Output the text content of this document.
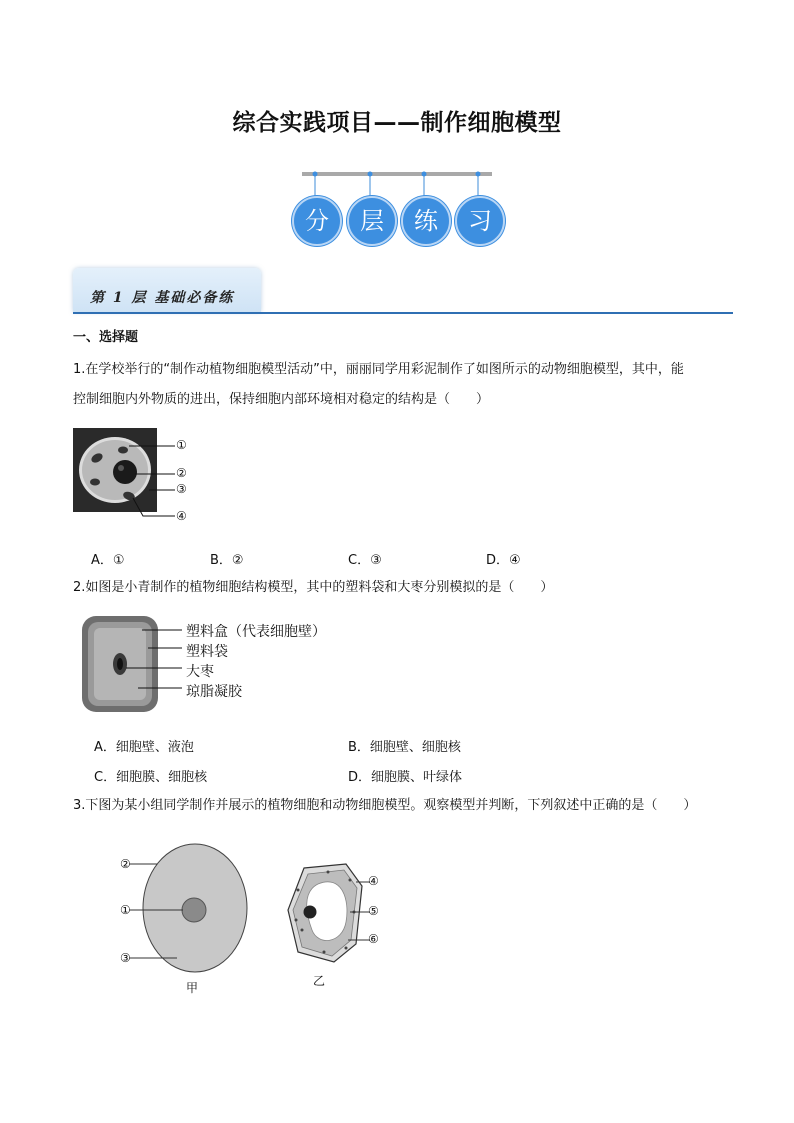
综合实践项目——制作细胞模型
分	层	练	习
第 1 层 基础必备练
一、选择题
1.在学校举行的“制作动植物细胞模型活动”中，丽丽同学用彩泥制作了如图所示的动物细胞模型，其中，能
控制细胞内外物质的进出，保持细胞内部环境相对稳定的结构是（　　）
①
②
③
④
A．①	B．②	C．③	D．④
2.如图是小青制作的植物细胞结构模型，其中的塑料袋和大枣分别模拟的是（　　）
塑料盒（代表细胞壁）
塑料袋
大枣
琼脂凝胶
A．细胞壁、液泡	B．细胞壁、细胞核
C．细胞膜、细胞核	D．细胞膜、叶绿体
3.下图为某小组同学制作并展示的植物细胞和动物细胞模型。观察模型并判断，下列叙述中正确的是（　　）
②
①
③
甲
④
⑤
⑥
乙
